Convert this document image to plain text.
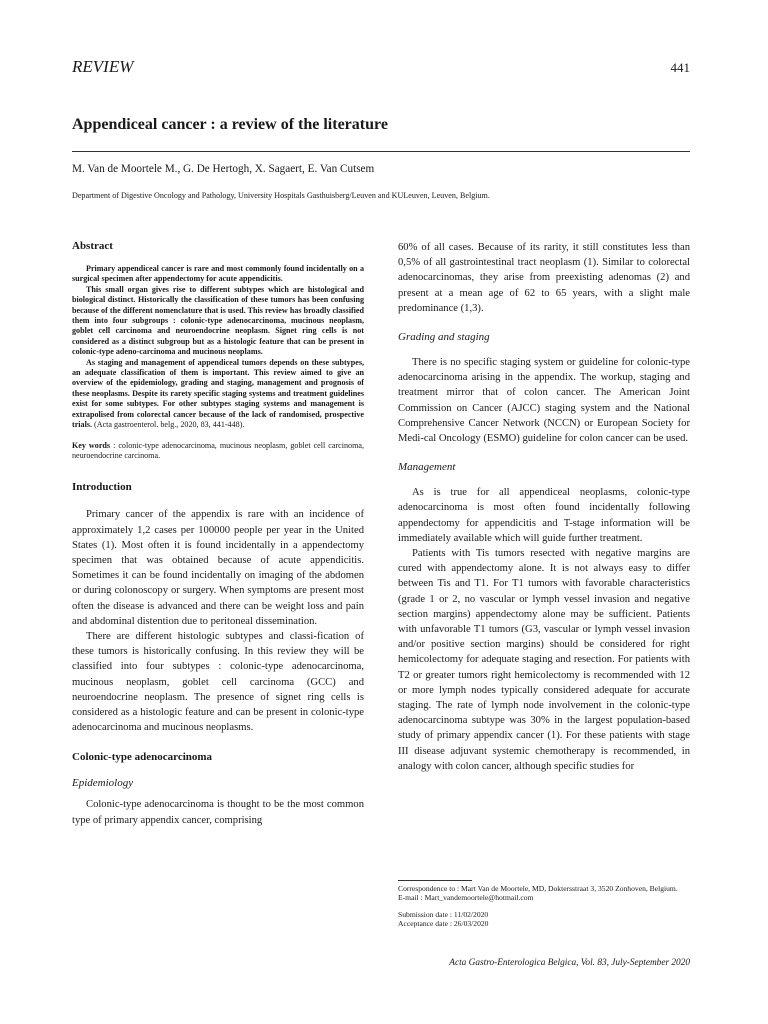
REVIEW	441
Appendiceal cancer : a review of the literature
M. Van de Moortele M., G. De Hertogh, X. Sagaert, E. Van Cutsem
Department of Digestive Oncology and Pathology, University Hospitals Gasthuisberg/Leuven and KULeuven, Leuven, Belgium.
Abstract

Primary appendiceal cancer is rare and most commonly found incidentally on a surgical specimen after appendectomy for acute appendicitis.

This small organ gives rise to different subtypes which are histological and biological distinct. Historically the classification of these tumors has been confusing because of the different nomenclature that is used. This review has broadly classified them into four subgroups : colonic-type adenocarcinoma, mucinous neoplasm, goblet cell carcinoma and neuroendocrine neoplasm. Signet ring cells is not considered as a distinct subgroup but as a histologic feature that can be present in colonic-type adeno-carcinoma and mucinous neoplams.

As staging and management of appendiceal tumors depends on these subtypes, an adequate classification of them is important. This review aimed to give an overview of the epidemiology, grading and staging, management and prognosis of these neoplasms. Despite its rarety specific staging systems and treatment guidelines exist for some subtypes. For other subtypes staging systems and management is extrapolised from colorectal cancer because of the lack of randomised, prospective trials. (Acta gastroenterol. belg., 2020, 83, 441-448).

Key words : colonic-type adenocarcinoma, mucinous neoplasm, goblet cell carcinoma, neuroendocrine carcinoma.
Introduction

Primary cancer of the appendix is rare with an incidence of approximately 1,2 cases per 100000 people per year in the United States (1). Most often it is found incidentally in a appendectomy specimen that was obtained because of acute appendicitis. Sometimes it can be found incidentally on imaging of the abdomen or during colonoscopy or surgery. When symptoms are present most often the disease is advanced and there can be weight loss and pain and abdominal distention due to peritoneal dissemination.

There are different histologic subtypes and classi-fication of these tumors is historically confusing. In this review they will be classified into four subtypes : colonic-type adenocarcinoma, mucinous neoplasm, goblet cell carcinoma (GCC) and neuroendocrine neoplasm. The presence of signet ring cells is considered as a histologic feature and can be present in colonic-type adenocarcinoma and mucinous neoplasms.

Colonic-type adenocarcinoma
Epidemiology

Colonic-type adenocarcinoma is thought to be the most common type of primary appendix cancer, comprising

60% of all cases. Because of its rarity, it still constitutes less than 0,5% of all gastrointestinal tract neoplasm (1). Similar to colorectal adenocarcinomas, they arise from preexisting adenomas (2) and present at a mean age of 62 to 65 years, with a slight male predominance (1,3).

Grading and staging

There is no specific staging system or guideline for colonic-type adenocarcinoma arising in the appendix. The workup, staging and treatment mirror that of colon cancer. The American Joint Commission on Cancer (AJCC) staging system and the National Comprehensive Cancer Network (NCCN) or European Society for Medi-cal Oncology (ESMO) guideline for colon cancer can be used.

Management

As is true for all appendiceal neoplasms, colonic-type adenocarcinoma is most often found incidentally following appendectomy for appendicitis and T-stage information will be immediately available which will guide further treatment.

Patients with Tis tumors resected with negative margins are cured with appendectomy alone. It is not always easy to differ between Tis and T1. For T1 tumors with favorable characteristics (grade 1 or 2, no vascular or lymph vessel invasion and negative section margins) appendectomy alone may be sufficient. Patients with unfavorable T1 tumors (G3, vascular or lymph vessel invasion and/or positive section margins) should be considered for right hemicolectomy for adequate staging and resection. For patients with T2 or greater tumors right hemicolectomy is recommended with 12 or more lymph nodes typically considered adequate for accurate staging. The rate of lymph node involvement in the colonic-type adenocarcinoma subtype was 30% in the largest population-based study of primary appendix cancer (1). For these patients with stage III disease adjuvant systemic chemotherapy is recommended, in analogy with colon cancer, although specific studies for

Correspondence to : Mart Van de Moortele, MD, Doktersstraat 3, 3520 Zonhoven, Belgium.

E-mail : Mart_vandemoortele@hotmail.com

Submission date : 11/02/2020

Acceptance date : 26/03/2020

Acta Gastro-Enterologica Belgica, Vol. 83, July-September 2020
